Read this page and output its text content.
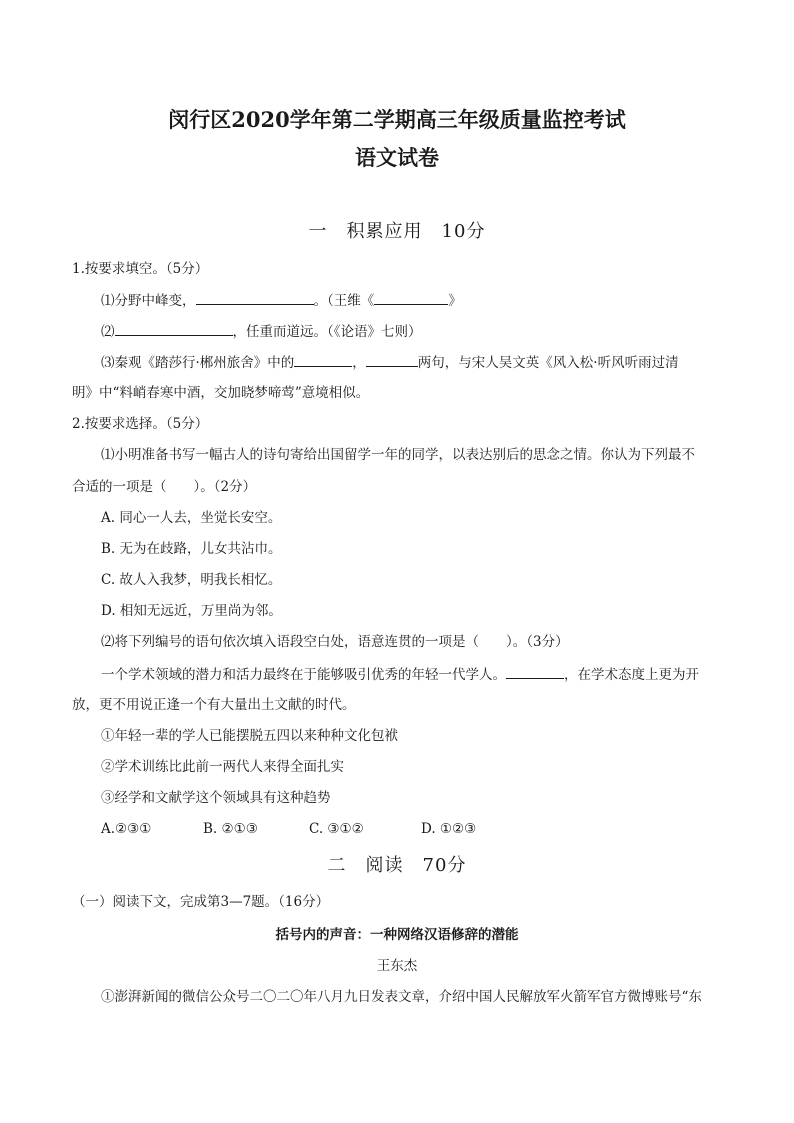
闵行区2020学年第二学期高三年级质量监控考试
语文试卷
一　积累应用　10分
1.按要求填空。（5分）
⑴分野中峰变，	。（王维《	》
⑵	，任重而道远。（《论语》七则）
⑶秦观《踏莎行·郴州旅舍》中的	，	两句，与宋人吴文英《风入松·听风听雨过清
明》中“料峭春寒中酒，交加晓梦啼莺”意境相似。
2.按要求选择。（5分）
⑴小明准备书写一幅古人的诗句寄给出国留学一年的同学，以表达别后的思念之情。你认为下列最不
合适的一项是（　　）。（2分）
A. 同心一人去，坐觉长安空。
B. 无为在歧路，儿女共沾巾。
C. 故人入我梦，明我长相忆。
D. 相知无远近，万里尚为邻。
⑵将下列编号的语句依次填入语段空白处，语意连贯的一项是（　　）。（3分）
一个学术领域的潜力和活力最终在于能够吸引优秀的年轻一代学人。	，在学术态度上更为开
放，更不用说正逢一个有大量出土文献的时代。
①年轻一辈的学人已能摆脱五四以来种种文化包袱
②学术训练比此前一两代人来得全面扎实
③经学和文献学这个领域具有这种趋势
A.②③①	B. ②①③	C. ③①②	D. ①②③
二　阅读　70分
（一）阅读下文，完成第3—7题。（16分）
括号内的声音：一种网络汉语修辞的潜能
王东杰
①澎湃新闻的微信公众号二〇二〇年八月九日发表文章，介绍中国人民解放军火箭军官方微博账号“东
